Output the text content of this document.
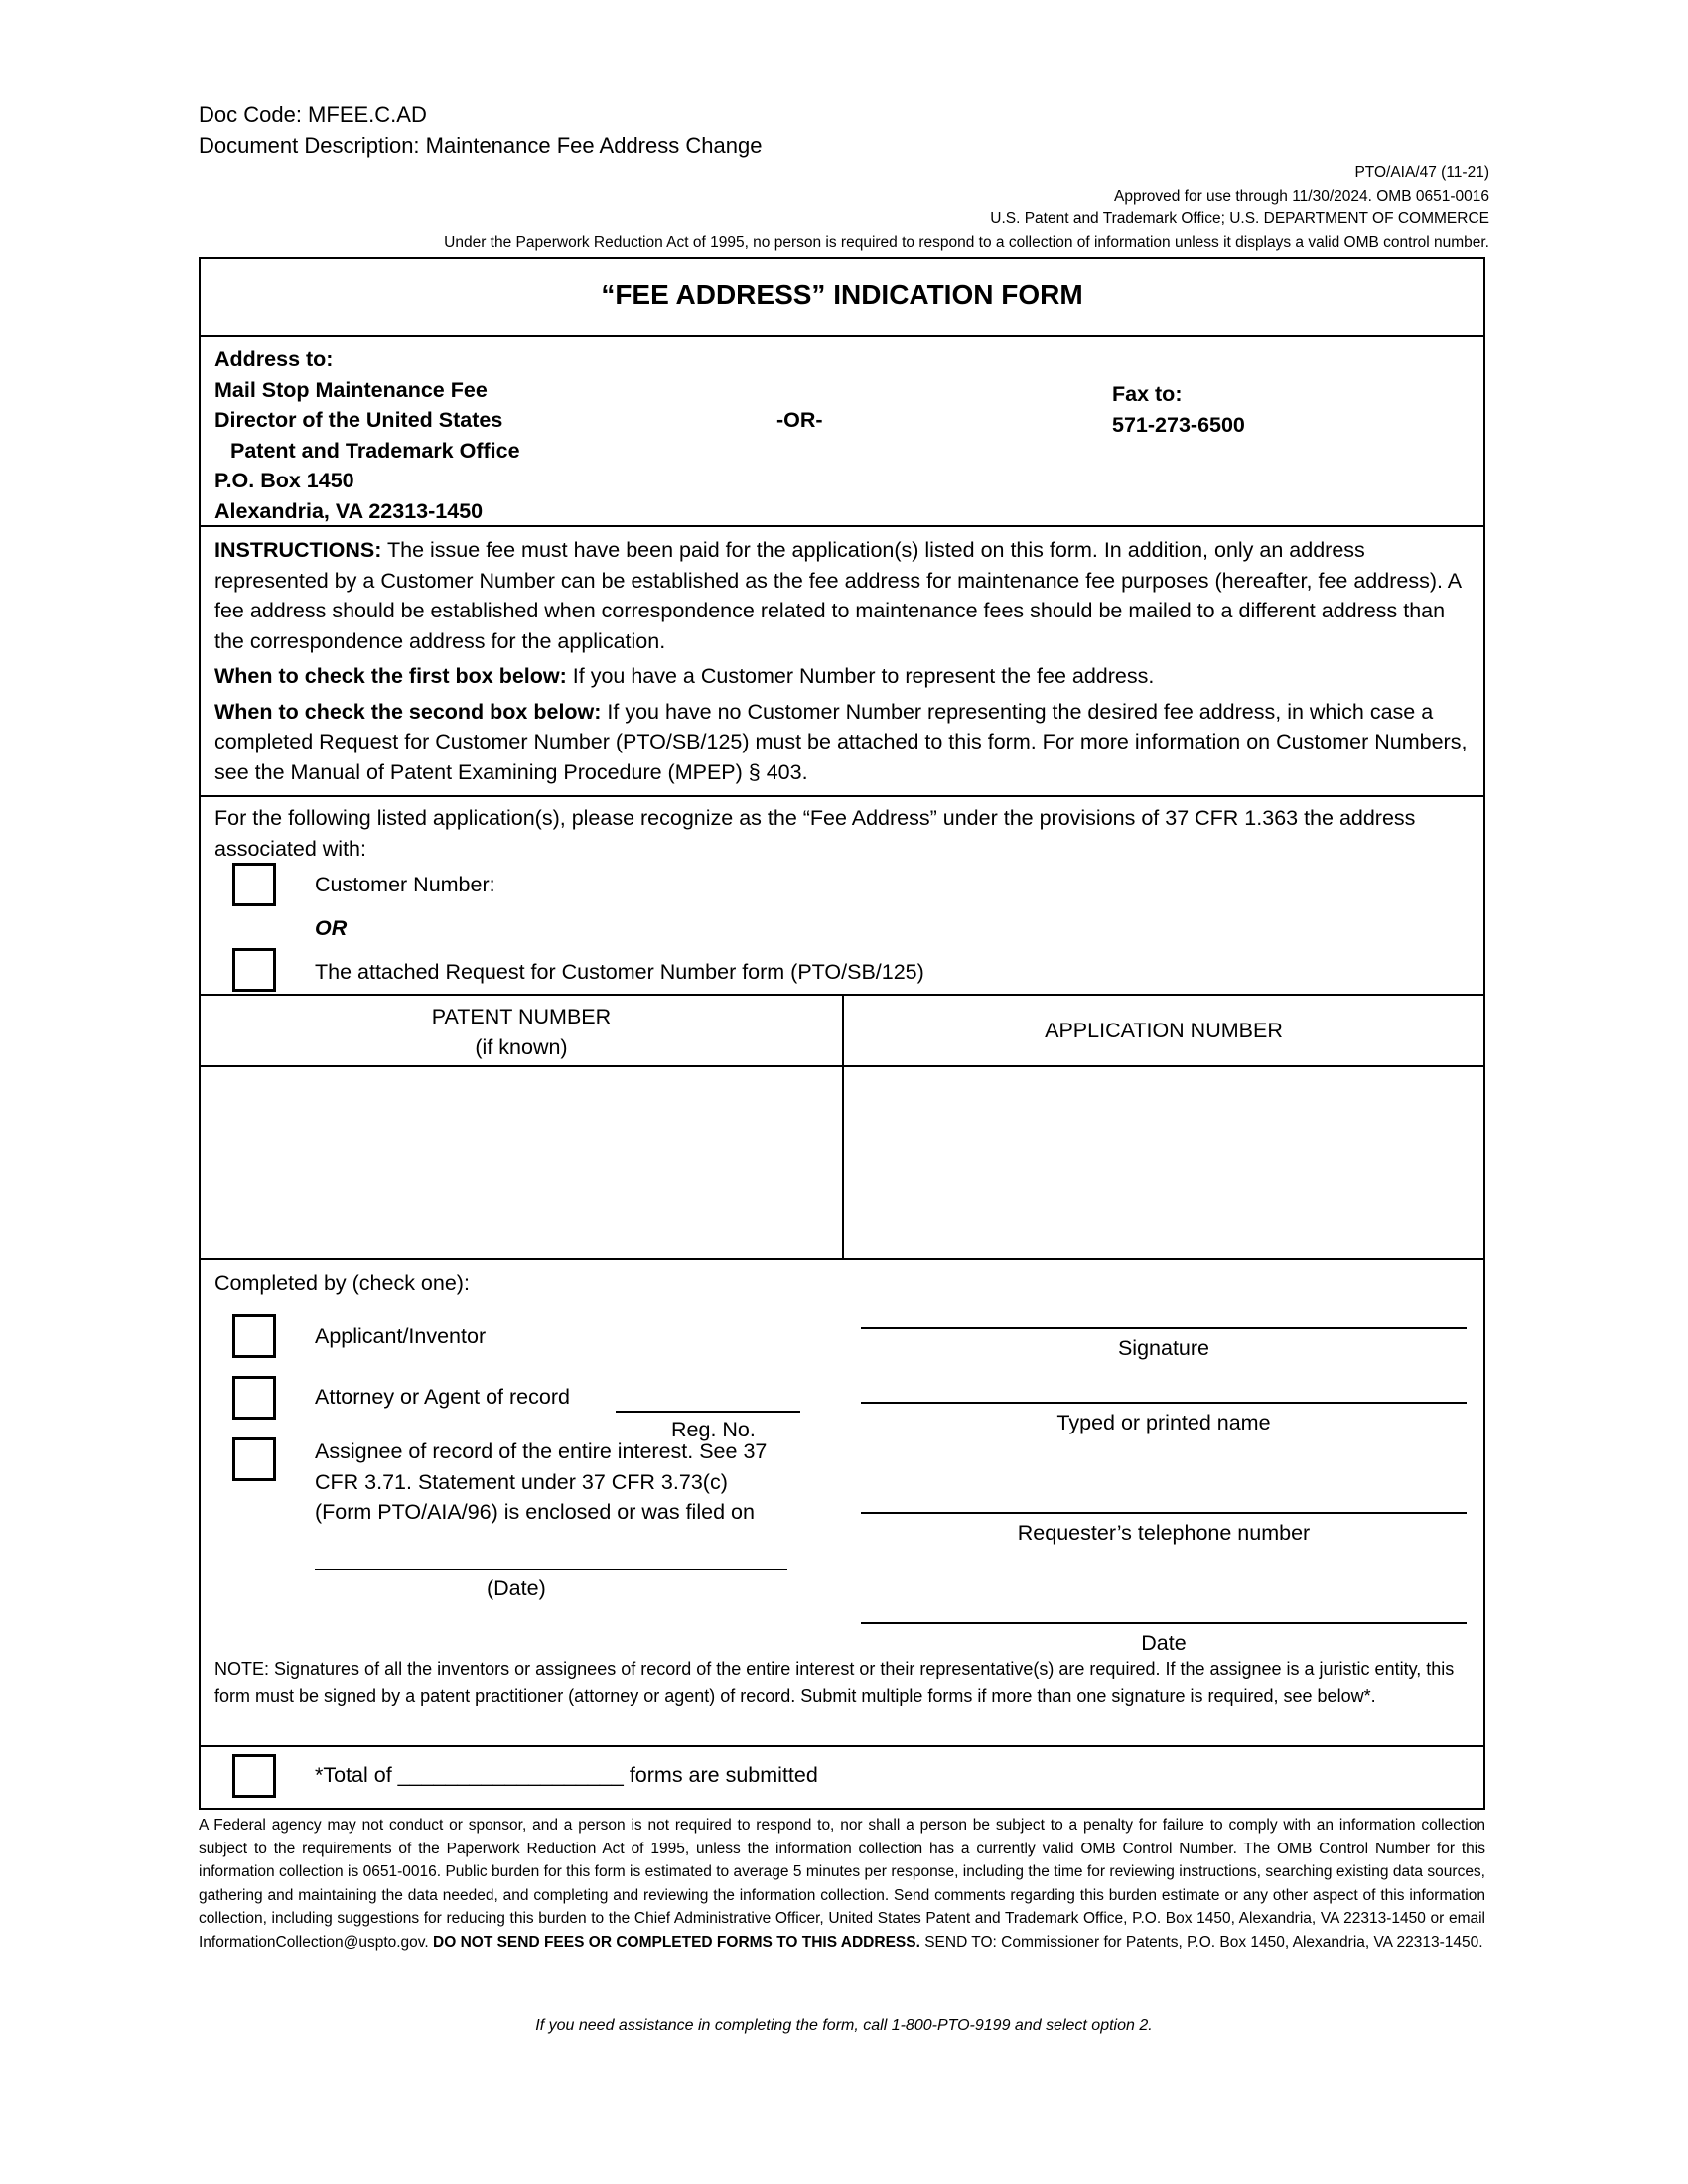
Doc Code: MFEE.C.AD
Document Description: Maintenance Fee Address Change
PTO/AIA/47 (11-21)
Approved for use through 11/30/2024. OMB 0651-0016
U.S. Patent and Trademark Office; U.S. DEPARTMENT OF COMMERCE
Under the Paperwork Reduction Act of 1995, no person is required to respond to a collection of information unless it displays a valid OMB control number.
“FEE ADDRESS” INDICATION FORM
Address to:
Mail Stop Maintenance Fee
Director of the United States
Patent and Trademark Office
P.O. Box 1450
Alexandria, VA 22313-1450
-OR-
Fax to:
571-273-6500
INSTRUCTIONS: The issue fee must have been paid for the application(s) listed on this form. In addition, only an address represented by a Customer Number can be established as the fee address for maintenance fee purposes (hereafter, fee address). A fee address should be established when correspondence related to maintenance fees should be mailed to a different address than the correspondence address for the application.
When to check the first box below: If you have a Customer Number to represent the fee address.
When to check the second box below: If you have no Customer Number representing the desired fee address, in which case a completed Request for Customer Number (PTO/SB/125) must be attached to this form. For more information on Customer Numbers, see the Manual of Patent Examining Procedure (MPEP) § 403.
For the following listed application(s), please recognize as the “Fee Address” under the provisions of 37 CFR 1.363 the address associated with:
Customer Number:
OR
The attached Request for Customer Number form (PTO/SB/125)
PATENT NUMBER
(if known)
APPLICATION NUMBER
Completed by (check one):
Applicant/Inventor
Attorney or Agent of record
Reg. No.
Assignee of record of the entire interest. See 37 CFR 3.71. Statement under 37 CFR 3.73(c) (Form PTO/AIA/96) is enclosed or was filed on
(Date)
Signature
Typed or printed name
Requester’s telephone number
Date
NOTE: Signatures of all the inventors or assignees of record of the entire interest or their representative(s) are required. If the assignee is a juristic entity, this form must be signed by a patent practitioner (attorney or agent) of record. Submit multiple forms if more than one signature is required, see below*.
*Total of ___________________ forms are submitted
A Federal agency may not conduct or sponsor, and a person is not required to respond to, nor shall a person be subject to a penalty for failure to comply with an information collection subject to the requirements of the Paperwork Reduction Act of 1995, unless the information collection has a currently valid OMB Control Number. The OMB Control Number for this information collection is 0651-0016. Public burden for this form is estimated to average 5 minutes per response, including the time for reviewing instructions, searching existing data sources, gathering and maintaining the data needed, and completing and reviewing the information collection. Send comments regarding this burden estimate or any other aspect of this information collection, including suggestions for reducing this burden to the Chief Administrative Officer, United States Patent and Trademark Office, P.O. Box 1450, Alexandria, VA 22313-1450 or email InformationCollection@uspto.gov. DO NOT SEND FEES OR COMPLETED FORMS TO THIS ADDRESS. SEND TO: Commissioner for Patents, P.O. Box 1450, Alexandria, VA 22313-1450.
If you need assistance in completing the form, call 1-800-PTO-9199 and select option 2.
